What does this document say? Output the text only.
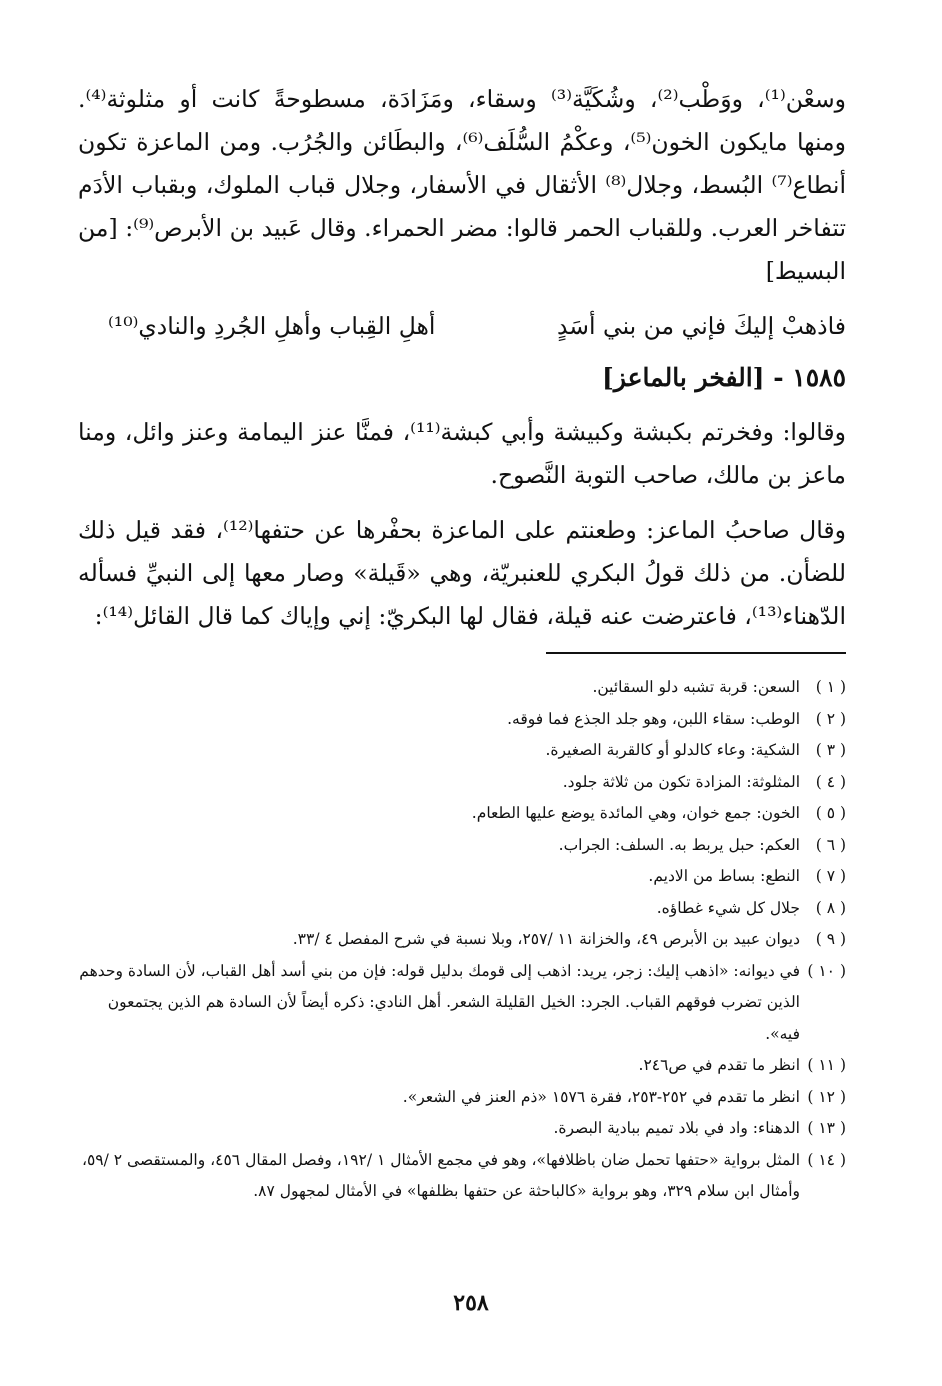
وسعْن⁽¹⁾، ووَطْب⁽²⁾، وشُكَيَّة⁽³⁾ وسقاء، ومَزَادَة، مسطوحةً كانت أو مثلوثة⁽⁴⁾. ومنها مايكون الخون⁽⁵⁾، وعكْمُ السُّلَف⁽⁶⁾، والبطَائن والجُرُب. ومن الماعزة تكون أنطاع⁽⁷⁾ البُسط، وجلال⁽⁸⁾ الأثقال في الأسفار، وجلال قباب الملوك، وبقباب الأدَم تتفاخر العرب. وللقباب الحمر قالوا: مضر الحمراء. وقال عَبيد بن الأبرص⁽⁹⁾: [من البسيط]

فاذهبْ إليكَ فإني من بني أسَدٍ
أهلِ القِباب وأهلِ الجُردِ والنادي⁽¹⁰⁾
١٥٨٥ - [الفخر بالماعز]

وقالوا: وفخرتم بكبشة وكبيشة وأبي كبشة⁽¹¹⁾، فمنَّا عنز اليمامة وعنز وائل، ومنا ماعز بن مالك، صاحب التوبة النَّصوح.

وقال صاحبُ الماعز: وطعنتم على الماعزة بحفْرها عن حتفها⁽¹²⁾، فقد قيل ذلك للضأن. من ذلك قولُ البكري للعنبريّة، وهي «قَيلة» وصار معها إلى النبيِّ فسأله الدّهناء⁽¹³⁾، فاعترضت عنه قيلة، فقال لها البكريّ: إني وإياك كما قال القائل⁽¹⁴⁾:

( ١ )
السعن: قربة تشبه دلو السقائين.
( ٢ )
الوطب: سقاء اللبن، وهو جلد الجذع فما فوقه.
( ٣ )
الشكية: وعاء كالدلو أو كالقربة الصغيرة.
( ٤ )
المثلوثة: المزادة تكون من ثلاثة جلود.
( ٥ )
الخون: جمع خوان، وهي المائدة يوضع عليها الطعام.
( ٦ )
العكم: حبل يربط به. السلف: الجراب.
( ٧ )
النطع: بساط من الاديم.
( ٨ )
جلال كل شيء غطاؤه.
( ٩ )
ديوان عبيد بن الأبرص ٤٩، والخزانة ١١ /٢٥٧، وبلا نسبة في شرح المفصل ٤ /٣٣.
( ١٠ )
في ديوانه: «اذهب إليك: زجر، يريد: اذهب إلى قومك بدليل قوله: فإن من بني أسد أهل القباب، لأن السادة وحدهم الذين تضرب فوقهم القباب. الجرد: الخيل القليلة الشعر. أهل النادي: ذكره أيضاً لأن السادة هم الذين يجتمعون فيه».
( ١١ )
انظر ما تقدم في ص٢٤٦.
( ١٢ )
انظر ما تقدم في ٢٥٢-٢٥٣، فقرة ١٥٧٦ «ذم العنز في الشعر».
( ١٣ )
الدهناء: واد في بلاد تميم ببادية البصرة.
( ١٤ )
المثل برواية «حتفها تحمل ضان باظلافها»، وهو في مجمع الأمثال ١ /١٩٢، وفصل المقال ٤٥٦، والمستقصى ٢ /٥٩، وأمثال ابن سلام ٣٢٩، وهو برواية «كالباحثة عن حتفها بظلفها» في الأمثال لمجهول ٨٧.
٢٥٨
